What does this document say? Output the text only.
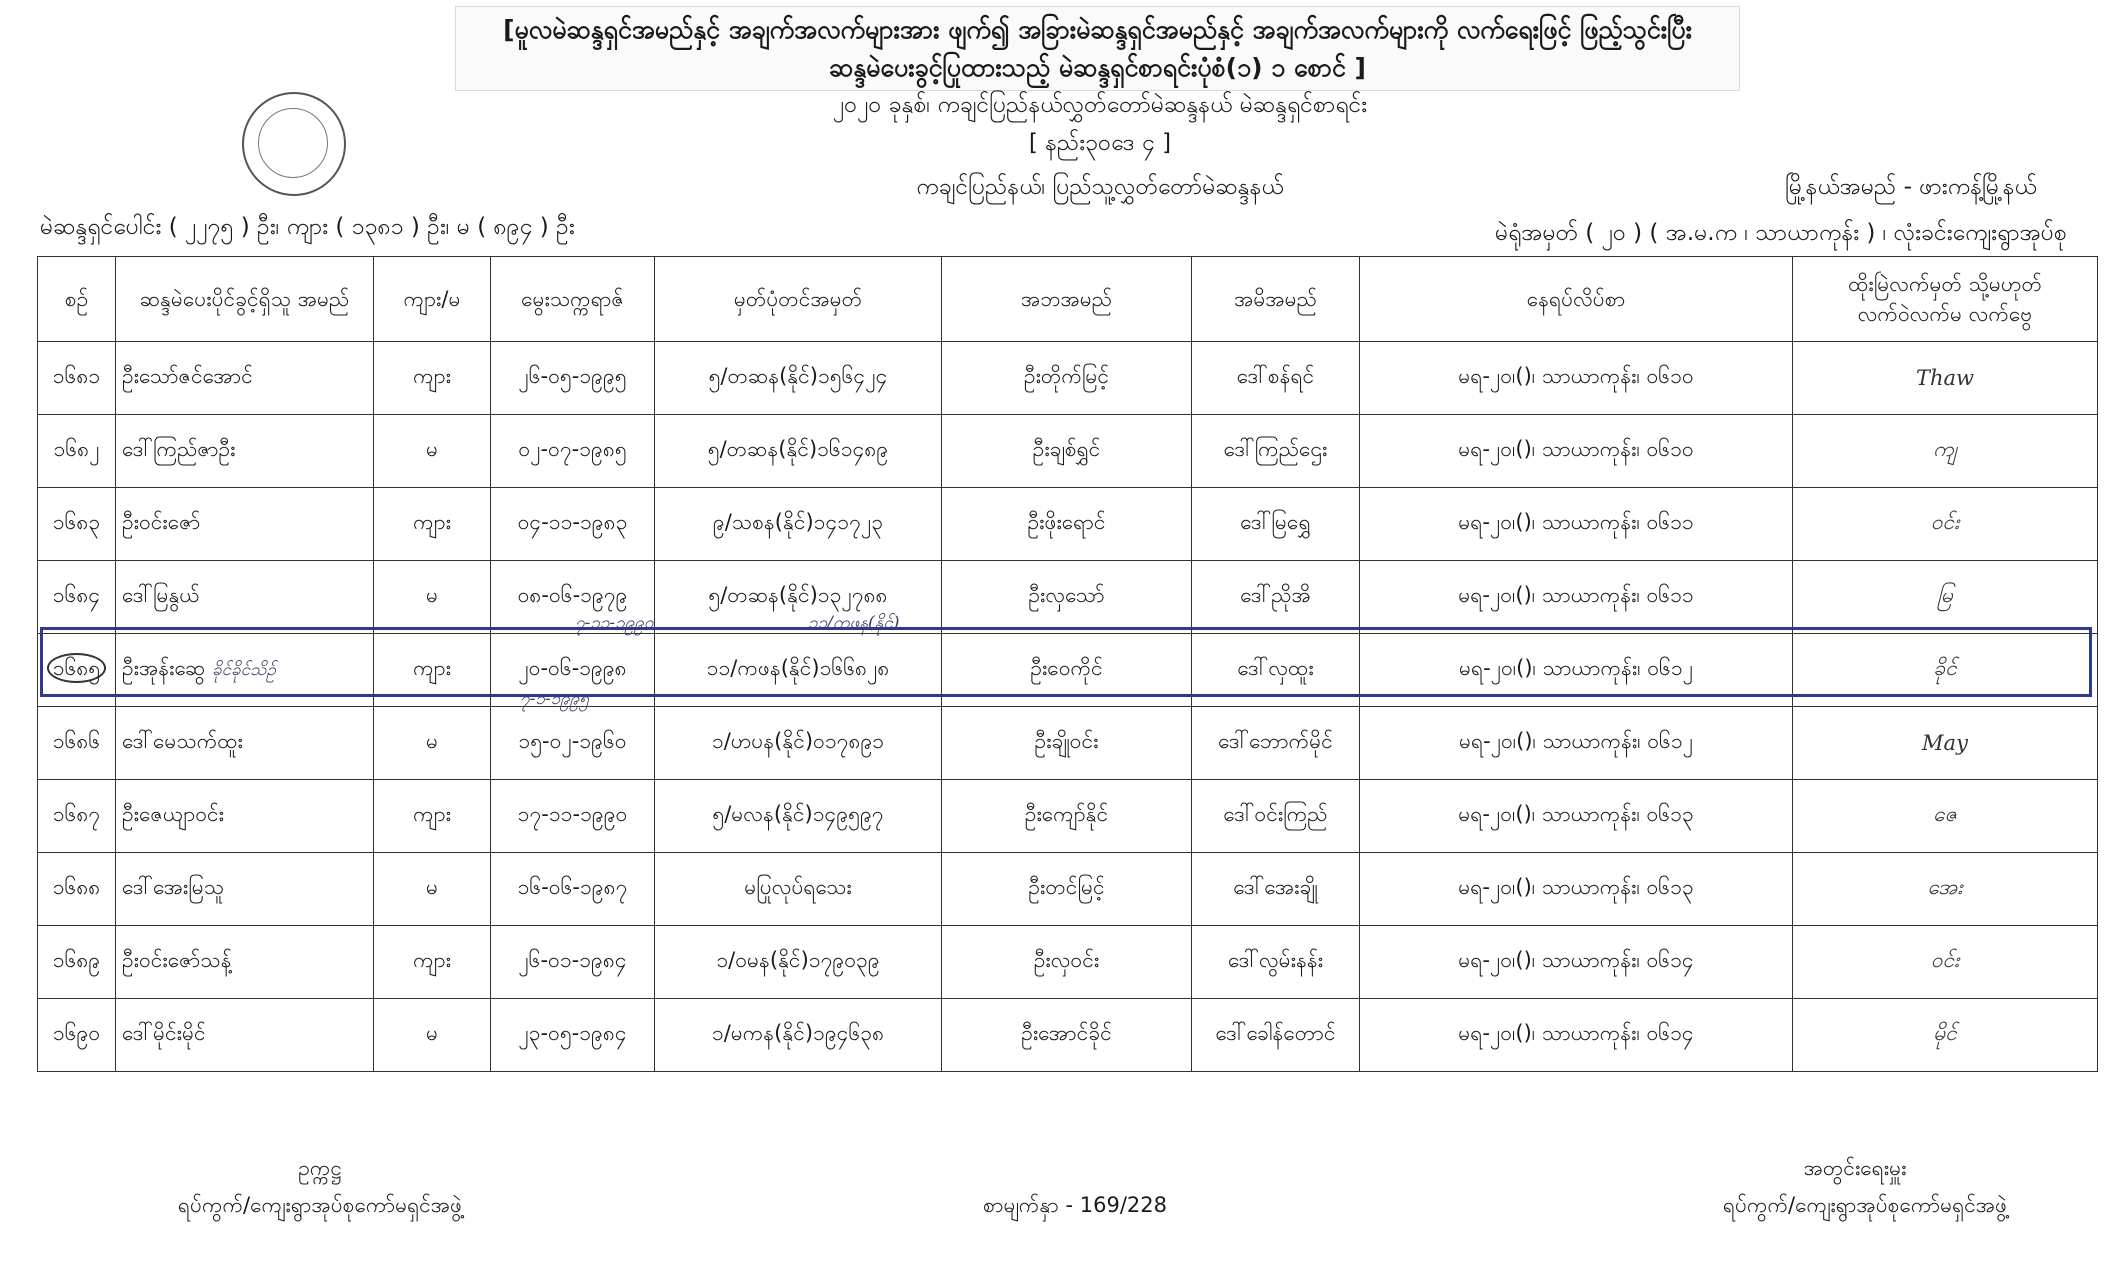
[မူလမဲဆန္ဒရှင်အမည်နှင့် အချက်အလက်များအား ဖျက်၍ အခြားမဲဆန္ဒရှင်အမည်နှင့် အချက်အလက်များကို လက်ရေးဖြင့် ဖြည့်သွင်းပြီး
ဆန္ဒမဲပေးခွင့်ပြုထားသည့် မဲဆန္ဒရှင်စာရင်းပုံစံ(၁) ၁ စောင် ]
၂၀၂၀ ခုနှစ်၊ ကချင်ပြည်နယ်လွှတ်တော်မဲဆန္ဒနယ် မဲဆန္ဒရှင်စာရင်း
[ နည်း၃၀ဒေ ၄ ]
ကချင်ပြည်နယ်၊ ပြည်သူ့လွှတ်တော်မဲဆန္ဒနယ်	မြို့နယ်အမည် - ဖားကန့်မြို့နယ်
မဲဆန္ဒရှင်ပေါင်း ( ၂၂၇၅ ) ဦး၊ ကျား ( ၁၃၈၁ ) ဦး၊ မ ( ၈၉၄ ) ဦး	မဲရုံအမှတ် ( ၂၀ ) ( အ.မ.က ၊ သာယာကုန်း ) ၊ လုံးခင်းကျေးရွာအုပ်စု
စဉ်	ဆန္ဒမဲပေးပိုင်ခွင့်ရှိသူ အမည်	ကျား/မ	မွေးသက္ကရာဇ်	မှတ်ပုံတင်အမှတ်	အဘအမည်	အမိအမည်	နေရပ်လိပ်စာ	ထိုးမြဲလက်မှတ် သို့မဟုတ် လက်ဝဲလက်မ လက်ဗွေ
၁၆၈၁	ဦးသော်ဇင်အောင်	ကျား	၂၆-၀၅-၁၉၉၅	၅/တဆန(နိုင်)၁၅၆၄၂၄	ဦးတိုက်မြင့်	ဒေါ်စန်ရင်	မရ-၂၀၊()၊ သာယာကုန်း၊ ဝ၆၁၀	Thaw
၁၆၈၂	ဒေါ်ကြည်ဇာဦး	မ	၀၂-၀၇-၁၉၈၅	၅/တဆန(နိုင်)၁၆၁၄၈၉	ဦးချစ်ရွှင်	ဒေါ်ကြည်ဌေး	မရ-၂၀၊()၊ သာယာကုန်း၊ ဝ၆၁၀	ကျ
၁၆၈၃	ဦးဝင်းဇော်	ကျား	၀၄-၁၁-၁၉၈၃	၉/သစန(နိုင်)၁၄၁၇၂၃	ဦးဖိုးရောင်	ဒေါ်မြရွှေ	မရ-၂၀၊()၊ သာယာကုန်း၊ ဝ၆၁၁	ဝင်း
၁၆၈၄	ဒေါ်မြနွယ်	မ	၀၈-၀၆-၁၉၇၉	၅/တဆန(နိုင်)၁၃၂၇၈၈	ဦးလှသော်	ဒေါ်ညိုအိ	မရ-၂၀၊()၊ သာယာကုန်း၊ ဝ၆၁၁	မြ
၁၆၈၅	ဦးအုန်းဆွေ ခိုင်ခိုင်သိဉ်	ကျား	၂၀-၀၆-၁၉၉၈	၁၁/ကဖန(နိုင်)၁၆၆၈၂၈	ဦးဝေကိုင်	ဒေါ်လှထူး	မရ-၂၀၊()၊ သာယာကုန်း၊ ဝ၆၁၂	ခိုင်
၁၆၈၆	ဒေါ်မေသက်ထူး	မ	၁၅-၀၂-၁၉၆၀	၁/ဟပန(နိုင်)၀၁၇၈၉၁	ဦးချိုဝင်း	ဒေါ်ဘောက်မိုင်	မရ-၂၀၊()၊ သာယာကုန်း၊ ဝ၆၁၂	May
၁၆၈၇	ဦးဇေယျာဝင်း	ကျား	၁၇-၁၁-၁၉၉၀	၅/မလန(နိုင်)၁၄၉၅၉၇	ဦးကျော်နိုင်	ဒေါ်ဝင်းကြည်	မရ-၂၀၊()၊ သာယာကုန်း၊ ဝ၆၁၃	ဇေ
၁၆၈၈	ဒေါ်အေးမြသူ	မ	၁၆-၀၆-၁၉၈၇	မပြုလုပ်ရသေး	ဦးတင်မြင့်	ဒေါ်အေးချို	မရ-၂၀၊()၊ သာယာကုန်း၊ ဝ၆၁၃	အေး
၁၆၈၉	ဦးဝင်းဇော်သန့်	ကျား	၂၆-၀၁-၁၉၈၄	၁/ဝမန(နိုင်)၁၇၉၀၃၉	ဦးလှဝင်း	ဒေါ်လွမ်းနန်း	မရ-၂၀၊()၊ သာယာကုန်း၊ ဝ၆၁၄	ဝင်း
၁၆၉၀	ဒေါ်မိုင်းမိုင်	မ	၂၃-၀၅-၁၉၈၄	၁/မကန(နိုင်)၁၉၄၆၃၈	ဦးအောင်ခိုင်	ဒေါ်ခေါန်တောင်	မရ-၂၀၊()၊ သာယာကုန်း၊ ဝ၆၁၄	မိုင်
၇-၁၁-၁၉၉၀	၁၁/ကဖန(နိုင်)
၇-၁-၁၉၉၅
ဥက္ကဋ္ဌ
ရပ်ကွက်/ကျေးရွာအုပ်စုကော်မရှင်အဖွဲ့	စာမျက်နှာ - 169/228
အတွင်းရေးမှူး
ရပ်ကွက်/ကျေးရွာအုပ်စုကော်မရှင်အဖွဲ့
